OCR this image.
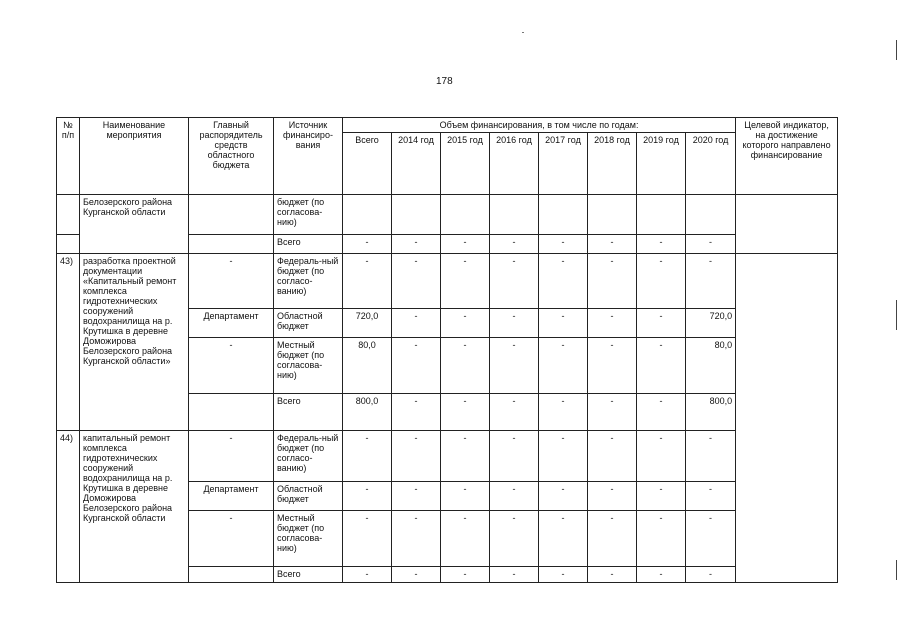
178
№ п/п	Наименование мероприятия	Главный распорядитель средств областного бюджета	Источник финансиро-вания	Объем финансирования, в том числе по годам:								Целевой индикатор, на достижение которого направлено финансирование
				Всего	2014 год	2015 год	2016 год	2017 год	2018 год	2019 год	2020 год	
	Белозерского района Курганской области		бюджет (по согласова-нию)									
			Всего	-	-	-	-	-	-	-	-	
43)	разработка проектной документации «Капитальный ремонт комплекса гидротехнических сооружений водохранилища на р. Крутишка в деревне Доможирова Белозерского района Курганской области»	-	Федераль-ный бюджет (по согласо-ванию)	-	-	-	-	-	-	-	-	
		Департамент	Областной бюджет	720,0	-	-	-	-	-	-	720,0	
		-	Местный бюджет (по согласова-нию)	80,0	-	-	-	-	-	-	80,0	
			Всего	800,0	-	-	-	-	-	-	800,0	
44)	капитальный ремонт комплекса гидротехнических сооружений водохранилища на р. Крутишка в деревне Доможирова Белозерского района Курганской области	-	Федераль-ный бюджет (по согласо-ванию)	-	-	-	-	-	-	-	-	
		Департамент	Областной бюджет	-	-	-	-	-	-	-	-	
		-	Местный бюджет (по согласова-нию)	-	-	-	-	-	-	-	-	
			Всего	-	-	-	-	-	-	-	-	
